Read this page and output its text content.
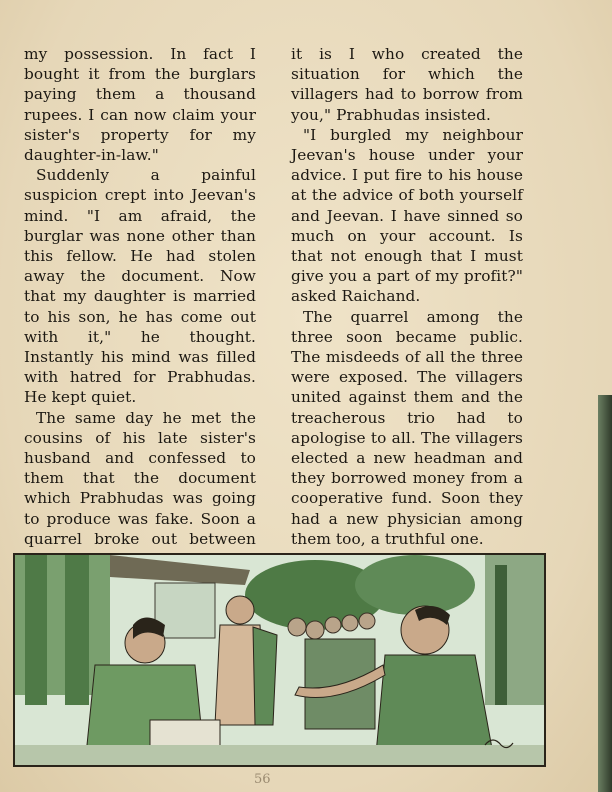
my possession. In fact I bought it from the burglars paying them a thousand rupees. I can now claim your sister's property for my daughter-in-law."

Suddenly a painful suspicion crept into Jeevan's mind. "I am afraid, the burglar was none other than this fellow. He had stolen away the document. Now that my daughter is married to his son, he has come out with it," he thought. Instantly his mind was filled with hatred for Prabhudas. He kept quiet.

The same day he met the cousins of his late sister's husband and confessed to them that the document which Prabhudas was going to produce was fake. Soon a quarrel broke out between

it is I who created the situation for which the villagers had to borrow from you," Prabhudas insisted.

"I burgled my neighbour Jeevan's house under your advice. I put fire to his house at the advice of both yourself and Jeevan. I have sinned so much on your account. Is that not enough that I must give you a part of my profit?" asked Raichand.

The quarrel among the three soon became public. The misdeeds of all the three were exposed. The villagers united against them and the treacherous trio had to apologise to all. The villagers elected a new headman and they borrowed money from a cooperative fund. Soon they had a new physician among them too, a truthful one.

56
